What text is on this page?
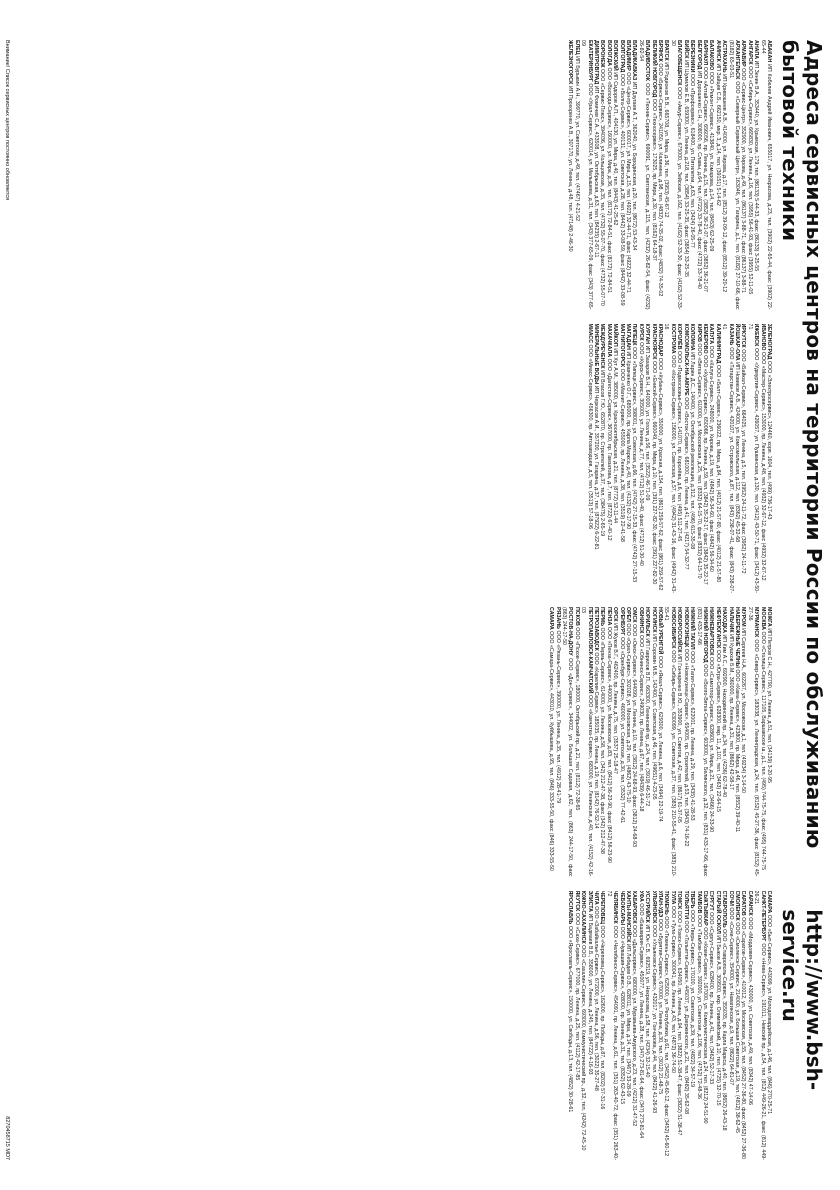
Адреса сервисных центров на территории России по обслуживанию бытовой техники
http://www.bsh-service.ru

АБАКАН ИП Кобелев Андрей Иванович, 655017, ул. Некрасова, д.23, тел. (3902) 22-65-44, факс (3902) 22-65-44

АНАПА ИП Зенин В.А., 353440, ул. Крымская, 179, тел. (86133) 5-44-33, факс (86133) 3-25-55

АНГАРСК ООО «Сибирь-Сервис», 665830, ул. Ленина, д.16, тел. (3955) 56-41-93, факс (3955) 52-11-05

АРМАВИР ООО «Сервис-Центр», 352900, ул. Кирова, д.49, тел. (86137) 3-88-71, факс (86137) 3-88-71

АРХАНГЕЛЬСК ООО «Северный Сервисный Центр», 163046, ул. Гагарина, д.1, тел. (8182) 27-10-66, факс (8182) 65-03-51

АСТРАХАНЬ ИП Кривошеев А.В., 414000, ул. Кирова, д.17, тел. (8512) 39-09-12, факс (8512) 39-20-12

АЧИНСК ИП Зайцев С.Б., 662150, мкр. 3, д.14, тел. (39151) 5-14-62

БАЛАКОВО ООО «Ремонт-Сервис», 413840, ул. Комарова, д.14, тел. (8453) 62-25-09

БАРНАУЛ ООО «Алтай-Сервис», 656056, пр. Ленина, д.15, тел. (3852) 36-21-07, факс (3852) 36-21-07

БЕЛГОРОД ИП Дорошенко С.Н., 308000, пр. Славы, д.64, тел. (4722) 33-78-40, факс (4722) 33-78-40

БЕРЕЗНИКИ ООО «Профсервис», 618400, ул. Пятилетки, д.63, тел. (3424) 26-05-77

БИЙСК ИП Шумилов Е.В., 659300, ул. Ленина, д.218, тел. (3854) 33-25-35, факс (3854) 33-25-35

БЛАГОВЕЩЕНСК ООО «Амур-Сервис», 675000, ул. Зейская, д.162, тел. (4162) 52-33-30, факс (4162) 52-33-30

БРАТСК ИП Родионов В.В., 665708, ул. Мира, д.36, тел. (3953) 45-67-12

БРЯНСК ООО «Брянск-Сервис», 241050, ул. Калинина, д.98, тел. (4832) 74-35-02, факс (4832) 74-35-02

ВЕЛИКИЙ НОВГОРОД ООО «Техносервис», 173025, пр. Мира, д.30, тел. (8162) 64-18-37

ВЛАДИВОСТОК ООО «Техник-Сервис», 690091, ул. Светланская, д.115, тел. (4232) 26-82-54, факс (4232) 26-82-54

ВЛАДИКАВКАЗ ИП Дзугаев А.Т., 362040, ул. Бородинская, д.20, тел. (8672) 53-43-34

ВЛАДИМИР ООО «Центр-Сервис», 600017, ул. Мира, д.15, тел. (4922) 32-44-71, факс (4922) 32-44-71

ВОЛГОГРАД ООО «Волга-Сервис», 400131, ул. Советская, д.28, тел. (8442) 33-08-59, факс (8442) 33-08-59

ВОЛЖСКИЙ ИП Сидоров А.П., 404130, ул. Мира, д.40, тел. (8443) 41-25-62

ВОЛОГДА ООО «Вологда-Сервис», 160000, ул. Мира, д.36, тел. (8172) 72-84-51, факс (8172) 72-84-51

ВОРОНЕЖ ООО «Сервис-Плюс», 394036, ул. Кольцовская, д.35, тел. (4732) 55-07-70, факс (4732) 55-07-70

ДИМИТРОВГРАД ИП Фомичев С.А., 433508, ул. Октябрьская, д.63, тел. (84235) 2-67-11

ЕКАТЕРИНБУРГ ООО «Урал-Сервис», 620014, ул. Малышева, д.31, тел. (343) 377-65-09, факс (343) 377-65-09

ЕЛЕЦ ИП Бурыкин А.Н., 399770, ул. Советская, д.49, тел. (47467) 4-21-52

ЖЕЛЕЗНОГОРСК ИП Прохоренко А.В., 307170, ул. Ленина, д.48, тел. (47148) 2-46-30

ЗЕЛЕНОГРАД ООО «Электросервис», 124460, корп. 1604, тел. (499) 736-17-43

ИВАНОВО ООО «Мастер-Сервис», 153000, пр. Ленина, д.48, тел. (4932) 32-67-12, факс (4932) 32-67-12

ИЖЕВСК ООО «Удмуртия-Сервис», 426057, ул. Пушкинская, д.130, тел. (3412) 43-50-71, факс (3412) 43-50-71

ИРКУТСК ООО «Байкал-Сервис», 664025, ул. Ленина, д.5, тел. (3952) 24-11-72, факс (3952) 24-11-72

ЙОШКАР-ОЛА ИП Новиков А.В., 424000, ул. Комсомольская, д.112, тел. (8362) 45-32-68

КАЗАНЬ ООО «Татарстан-Сервис», 420107, ул. Островского, д.87, тел. (843) 238-07-41, факс (843) 238-07-41

КАЛИНИНГРАД ООО «Балт-Сервис», 236022, пр. Мира, д.84, тел. (4012) 21-57-80, факс (4012) 21-57-80

КАЛУГА ООО «Калуга-Сервис», 248000, ул. Кирова, д.19, тел. (4842) 56-34-60, факс (4842) 56-34-60

КЕМЕРОВО ООО «Кузбасс-Сервис», 650066, пр. Ленина, д.59, тел. (3842) 35-22-17, факс (3842) 35-22-17

КИРОВ ООО «Вятка-Сервис», 610000, ул. Московская, д.25, тел. (8332) 64-15-70, факс (8332) 64-15-70

КОЛОМНА ИП Ларин Д.С., 140400, ул. Октябрьской революции, д.312, тел. (496) 615-35-08

КОМСОМОЛЬСК-НА-АМУРЕ ООО «Восток-Сервис», 681000, пр. Ленина, д.41, тел. (4217) 54-32-77

КОРОЛЁВ ООО «Подмосковье-Сервис», 141070, пр. Королёва, д.6, тел. (495) 511-27-45

КОСТРОМА ООО «Кострома-Сервис», 156000, ул. Советская, д.57, тел. (4942) 31-43-16, факс (4942) 31-43-16

КРАСНОДАР ООО «Кубань-Сервис», 350000, ул. Красная, д.154, тел. (861) 259-57-62, факс (861) 259-57-62

КРАСНОЯРСК ООО «Енисей-Сервис», 660049, пр. Мира, д.10, тел. (391) 227-82-30, факс (391) 227-82-30

КУРГАН ИП Захаров В.Н., 640000, ул. Гоголя, д.56, тел. (3522) 46-71-09

КУРСК ООО «Курск-Сервис», 305000, ул. Ленина, д.77, тел. (4712) 51-30-40, факс (4712) 51-30-40

ЛИПЕЦК ООО «Липецк-Сервис», 398001, ул. Советская, д.66, тел. (4742) 27-15-33, факс (4742) 27-15-33

МАГАДАН ИП Кравченко О.Г., 685000, пр. Карла Маркса, д.40, тел. (4132) 62-17-90

МАГНИТОГОРСК ООО «Магнит-Сервис», 455000, пр. Ленина, д.38, тел. (3519) 22-41-58

МАЙКОП ИП Хут А.М., 385000, ул. Краснооктябрьская, д.21, тел. (8772) 52-11-44

МАХАЧКАЛА ООО «Дагестан-Сервис», 367000, пр. Гамзатова, д.7, тел. (8722) 67-40-12

МЕЖДУРЕЧЕНСК ИП Власов Г.Ю., 652870, пр. Строителей, д.37, тел. (38475) 2-65-19

МИНЕРАЛЬНЫЕ ВОДЫ ИП Черкасов А.И., 357200, ул. Гагарина, д.37, тел. (87922) 6-22-81

МИАСС ООО «Миасс-Сервис», 456300, пр. Автозаводцев, д.5, тел. (3513) 57-18-06

МОЖГА ИП Петров С.Н., 427790, ул. Ленина, д.51, тел. (34139) 3-20-95

МОСКВА ООО «Столица-Сервис», 117105, Варшавское ш., д.1, тел. (495) 744-75-75, факс (495) 744-75-75

МУРМАНСК ООО «Север-Сервис», 183038, ул. Ленинградская, д.24, тел. (8152) 45-27-36, факс (8152) 45-27-36

МУРОМ ИП Сергеев Н.А., 602267, ул. Московская, д.1, тел. (49234) 3-14-50

НАБЕРЕЖНЫЕ ЧЕЛНЫ ООО «Кама-Сервис», 423800, пр. Мира, д.46, тел. (8552) 39-40-11

НАЛЬЧИК ИП Кушхов Б.М., 360000, пр. Ленина, д.31, тел. (8662) 42-58-17

НАХОДКА ИП Ким А.С., 692900, Находкинский пр., д.34, тел. (4236) 62-78-40

НЕФТЕЮГАНСК ООО «Югра-Сервис», 628300, мкр. 11, д.101, тел. (3463) 22-64-15

НИЖНЕВАРТОВСК ООО «Самотлор-Сервис», 628600, ул. Мира, д.21, тел. (3466) 24-33-90

НИЖНИЙ НОВГОРОД ООО «Волго-Вятка-Сервис», 603000, ул. Белинского, д.32, тел. (831) 433-17-66, факс (831) 433-17-66

НИЖНИЙ ТАГИЛ ООО «Тагил-Сервис», 622001, пр. Ленина, д.29, тел. (3435) 41-28-53

НОВОКУЗНЕЦК ООО «Новокузнецк-Сервис», 654005, пр. Строителей, д.53, тел. (3843) 74-16-22

НОВОРОССИЙСК ИП Гончаренко В.Ю., 353900, ул. Советов, д.42, тел. (8617) 61-37-05

НОВОСИБИРСК ООО «Сибирь-Сервис», 630099, ул. Советская, д.37, тел. (383) 210-55-41, факс (383) 210-55-41

НОВЫЙ УРЕНГОЙ ООО «Ямал-Сервис», 629300, ул. Ленина, д.6, тел. (3494) 22-19-74

НОГИНСК ИП Сорокин М.В., 142400, ул. Советская, д.46, тел. (49651) 4-23-05

НОРИЛЬСК ИП Гаврилов В.П., 663300, Ленинский пр., д.24, тел. (3919) 46-31-72

ОБНИНСК ООО «Обнинск-Сервис», 249030, пр. Ленина, д.67, тел. (48439) 6-44-18

ОМСК ООО «Омск-Сервис», 644099, ул. Ленина, д.10, тел. (3812) 24-68-93, факс (3812) 24-68-93

ОРЕЛ ООО «Орел-Сервис», 302028, ул. Московская, д.29, тел. (4862) 43-75-10

ОРЕНБУРГ ООО «Оренбург-Сервис», 460000, ул. Советская, д.30, тел. (3532) 77-42-61

ОРСК ИП Жуков В.Г., 462400, пр. Ленина, д.75, тел. (3537) 25-18-47

ПЕНЗА ООО «Пенза-Сервис», 440000, ул. Московская, д.83, тел. (8412) 56-23-90, факс (8412) 56-23-90

ПЕРМЬ ООО «Пермь-Сервис», 614000, ул. Ленина, д.58, тел. (342) 212-47-38, факс (342) 212-47-38

ПЕТРОЗАВОДСК ООО «Карелия-Сервис», 185035, пр. Ленина, д.19, тел. (8142) 76-52-14

ПЕТРОПАВЛОВСК-КАМЧАТСКИЙ ООО «Камчатка-Сервис», 683000, ул. Ленинская, д.40, тел. (4152) 42-16-03

ПСКОВ ООО «Псков-Сервис», 180000, Октябрьский пр., д.21, тел. (8112) 72-38-65

РОСТОВ-НА-ДОНУ ООО «Дон-Сервис», 344002, ул. Большая Садовая, д.62, тел. (863) 244-17-50, факс (863) 244-17-50

РЯЗАНЬ ООО «Рязань-Сервис», 390000, ул. Ленина, д.35, тел. (4912) 28-41-79

САМАРА ООО «Самара-Сервис», 443010, ул. Куйбышева, д.95, тел. (846) 333-55-50, факс (846) 333-55-50

САМАРА ООО «Быт-Сервис», 443099, ул. Молодогвардейская, д.146, тел. (846) 270-25-71

САНКТ-ПЕТЕРБУРГ ООО «Нева-Сервис», 191011, Невский пр., д.54, тел. (812) 449-26-21, факс (812) 449-26-21

САРАНСК ООО «Мордовия-Сервис», 430000, ул. Советская, д.49, тел. (8342) 47-14-06

САРАТОВ ООО «Саратов-Сервис», 410012, ул. Московская, д.55, тел. (8452) 27-36-80, факс (8452) 27-36-80

СМОЛЕНСК ООО «Смоленск-Сервис», 214000, ул. Большая Советская, д.19, тел. (4812) 38-62-45

СОЧИ ООО «Сочи-Сервис», 354000, ул. Навагинская, д.9, тел. (8622) 64-81-07

СТАВРОПОЛЬ ООО «Ставрополь-Сервис», 355035, пр. Карла Маркса, д.40, тел. (8652) 26-43-18

СТАРЫЙ ОСКОЛ ИП Быков А.В., 309500, мкр. Олимпийский, д.10, тел. (4725) 32-70-15

СУРГУТ ООО «Сургут-Сервис», 628400, пр. Ленина, д.41, тел. (3462) 52-17-33

СЫКТЫВКАР ООО «Коми-Сервис», 167000, ул. Коммунистическая, д.24, тел. (8212) 24-51-90

ТАМБОВ ООО «Тамбов-Сервис», 392000, ул. Советская, д.106, тел. (4752) 72-48-36

ТВЕРЬ ООО «Тверь-Сервис», 170100, ул. Советская, д.39, тел. (4822) 34-57-19

ТОЛЬЯТТИ ООО «Тольятти-Сервис», 445037, ул. Дзержинского, д.21, тел. (8482) 35-62-08

ТОМСК ООО «Томск-Сервис», 634050, пр. Ленина, д.94, тел. (3822) 51-38-47, факс (3822) 51-38-47

ТУЛА ООО «Тула-Сервис», 300041, пр. Ленина, д.43, тел. (4872) 36-74-50

ТЮМЕНЬ ООО «Тюмень-Сервис», 625000, ул. Республики, д.61, тел. (3452) 45-60-12, факс (3452) 45-60-12

УЛАН-УДЭ ООО «Бурятия-Сервис», 670000, ул. Ленина, д.30, тел. (3012) 21-48-75

УЛЬЯНОВСК ООО «Ульяновск-Сервис», 432017, ул. Гончарова, д.44, тел. (8422) 41-26-93

УССУРИЙСК ИП Юн С.В., 692519, ул. Некрасова, д.58, тел. (4234) 32-15-40

УФА ООО «Башкирия-Сервис», 450077, ул. Ленина, д.28, тел. (347) 273-81-64, факс (347) 273-81-64

ХАБАРОВСК ООО «Дальсервис», 680000, ул. Муравьева-Амурского, д.23, тел. (4212) 31-47-52

ХАНТЫ-МАНСИЙСК ИП Лебедев О.В., 628011, ул. Мира, д.14, тел. (3467) 33-28-09

ЧЕБОКСАРЫ ООО «Чувашия-Сервис», 428000, пр. Ленина, д.31, тел. (8352) 62-43-15

ЧЕЛЯБИНСК ООО «Челябинск-Сервис», 454091, пр. Ленина, д.61, тел. (351) 263-40-72, факс (351) 263-40-72

ЧЕРЕПОВЕЦ ООО «Череповец-Сервис», 162600, пр. Победы, д.87, тел. (8202) 57-31-16

ЧИТА ООО «Забайкалье-Сервис», 672000, ул. Ленина, д.56, тел. (3022) 35-27-48

ЭЛИСТА ИП Бадмаев В.Б., 358000, ул. Ленина, д.245, тел. (84722) 4-16-93

ЮЖНО-САХАЛИНСК ООО «Сахалин-Сервис», 693000, Коммунистический пр., д.32, тел. (4242) 72-45-10

ЯКУТСК ООО «Саха-Сервис», 677000, пр. Ленина, д.25, тел. (4112) 42-17-85

ЯРОСЛАВЛЬ ООО «Ярославль-Сервис», 150000, ул. Свободы, д.13, тел. (4852) 30-28-61

Внимание! Список сервисных центров постоянно обновляется
8270458715 MD7
